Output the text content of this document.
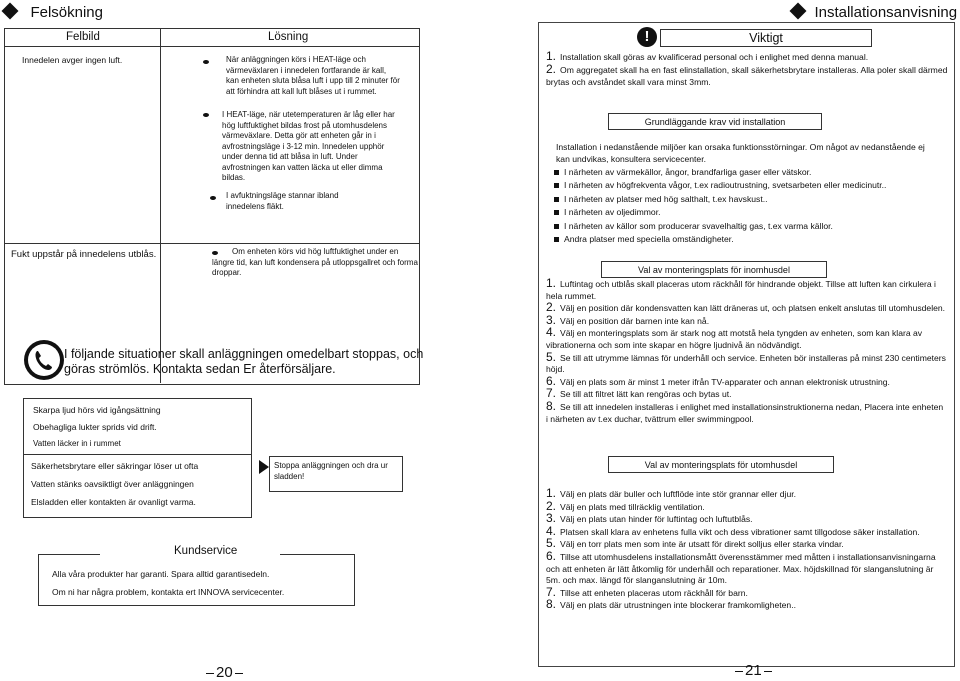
Felsökning
Felbild	Lösning
Innedelen avger ingen luft.	När anläggningen körs i HEAT-läge och värmeväxlaren i innedelen fortfarande är kall, kan enheten sluta blåsa luft i upp till 2 minuter för att förhindra att kall luft blåses ut i rummet.
I HEAT-läge, när utetemperaturen är låg eller har hög luftfuktighet bildas frost på utomhusdelens värmeväxlare. Detta gör att enheten går in i avfrostningsläge i 3-12 min. Innedelen upphör under denna tid att blåsa in luft. Under avfrostningen kan vatten läcka ut eller dimma bildas.
I avfuktningsläge stannar ibland innedelens fläkt.
Fukt uppstår på innedelens utblås.	Om enheten körs vid hög luftfuktighet under en längre tid, kan luft kondensera på utloppsgallret och forma droppar.
I följande situationer skall anläggningen omedelbart stoppas, och göras strömlös. Kontakta sedan Er återförsäljare.
Skarpa ljud hörs vid igångsättning
Obehagliga lukter sprids vid drift.
Vatten läcker in i rummet
Säkerhetsbrytare eller säkringar löser ut ofta
Vatten stänks oavsiktligt över anläggningen
Elsladden eller kontakten är ovanligt varma.
Stoppa anläggningen och dra ur sladden!
Kundservice
Alla våra produkter har garanti. Spara alltid garantisedeln.
Om ni har några problem, kontakta ert INNOVA servicecenter.
20
Installationsanvisning
!	Viktigt
1. Installation skall göras av kvalificerad personal och i enlighet med denna manual.
2. Om aggregatet skall ha en fast elinstallation, skall säkerhetsbrytare installeras. Alla poler skall därmed brytas och avståndet skall vara minst 3mm.
Grundläggande krav vid installation
Installation i nedanstående miljöer kan orsaka funktionsstörningar. Om något av nedanstående ej kan undvikas, konsultera servicecenter.
I närheten av värmekällor, ångor, brandfarliga gaser eller vätskor.
I närheten av högfrekventa vågor, t.ex radioutrustning, svetsarbeten eller medicinutr..
I närheten av platser med hög salthalt, t.ex havskust..
I närheten av oljedimmor.
I närheten av källor som producerar svavelhaltig gas, t.ex varma källor.
Andra platser med speciella omständigheter.
Val av monteringsplats för inomhusdel
1. Luftintag och utblås skall placeras utom räckhåll för hindrande objekt. Tillse att luften kan cirkulera i hela rummet.
2. Välj en position där kondensvatten kan lätt dräneras ut, och platsen enkelt anslutas till utomhusdelen.
3. Välj en position där barnen inte kan nå.
4. Välj en monteringsplats som är stark nog att motstå hela tyngden av enheten, som kan klara av vibrationerna och som inte skapar en högre ljudnivå än nödvändigt.
5. Se till att utrymme lämnas för underhåll och service. Enheten bör installeras på minst 230 centimeters höjd.
6. Välj en plats som är minst 1 meter ifrån TV-apparater och annan elektronisk utrustning.
7. Se till att filtret lätt kan rengöras och bytas ut.
8. Se till att innedelen installeras i enlighet med installationsinstruktionerna nedan, Placera inte enheten i närheten av t.ex duchar, tvättrum eller swimmingpool.
Val av monteringsplats för utomhusdel
1. Välj en plats där buller och luftflöde inte stör grannar eller djur.
2. Välj en plats med tillräcklig ventilation.
3. Välj en plats utan hinder för luftintag och luftutblås.
4. Platsen skall klara av enhetens fulla vikt och dess vibrationer samt tillgodose säker installation.
5. Välj en torr plats men som inte är utsatt för direkt solljus eller starka vindar.
6. Tillse att utomhusdelens installationsmått överensstämmer med måtten i installationsanvisningarna och att enheten är lätt åtkomlig för underhåll och reparationer. Max. höjdskillnad för slanganslutning är 5m. och max. längd för slanganslutning är 10m.
7. Tillse att enheten placeras utom räckhåll för barn.
8. Välj en plats där utrustningen inte blockerar framkomligheten..
21
